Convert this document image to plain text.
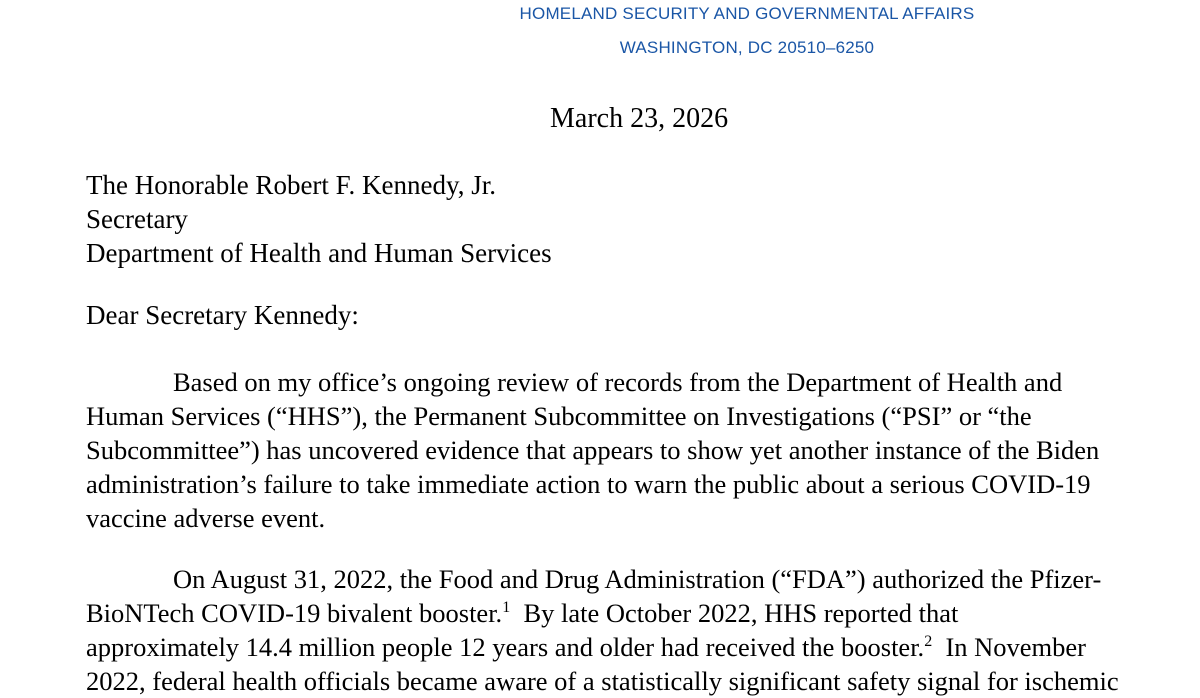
HOMELAND SECURITY AND GOVERNMENTAL AFFAIRS
WASHINGTON, DC 20510–6250
March 23, 2026
The Honorable Robert F. Kennedy, Jr.
Secretary
Department of Health and Human Services
Dear Secretary Kennedy:
Based on my office’s ongoing review of records from the Department of Health and
Human Services (“HHS”), the Permanent Subcommittee on Investigations (“PSI” or “the
Subcommittee”) has uncovered evidence that appears to show yet another instance of the Biden
administration’s failure to take immediate action to warn the public about a serious COVID-19
vaccine adverse event.
On August 31, 2022, the Food and Drug Administration (“FDA”) authorized the Pfizer-
BioNTech COVID-19 bivalent booster.$^1$ By late October 2022, HHS reported that
approximately 14.4 million people 12 years and older had received the booster.$^2$ In November
2022, federal health officials became aware of a statistically significant safety signal for ischemic
